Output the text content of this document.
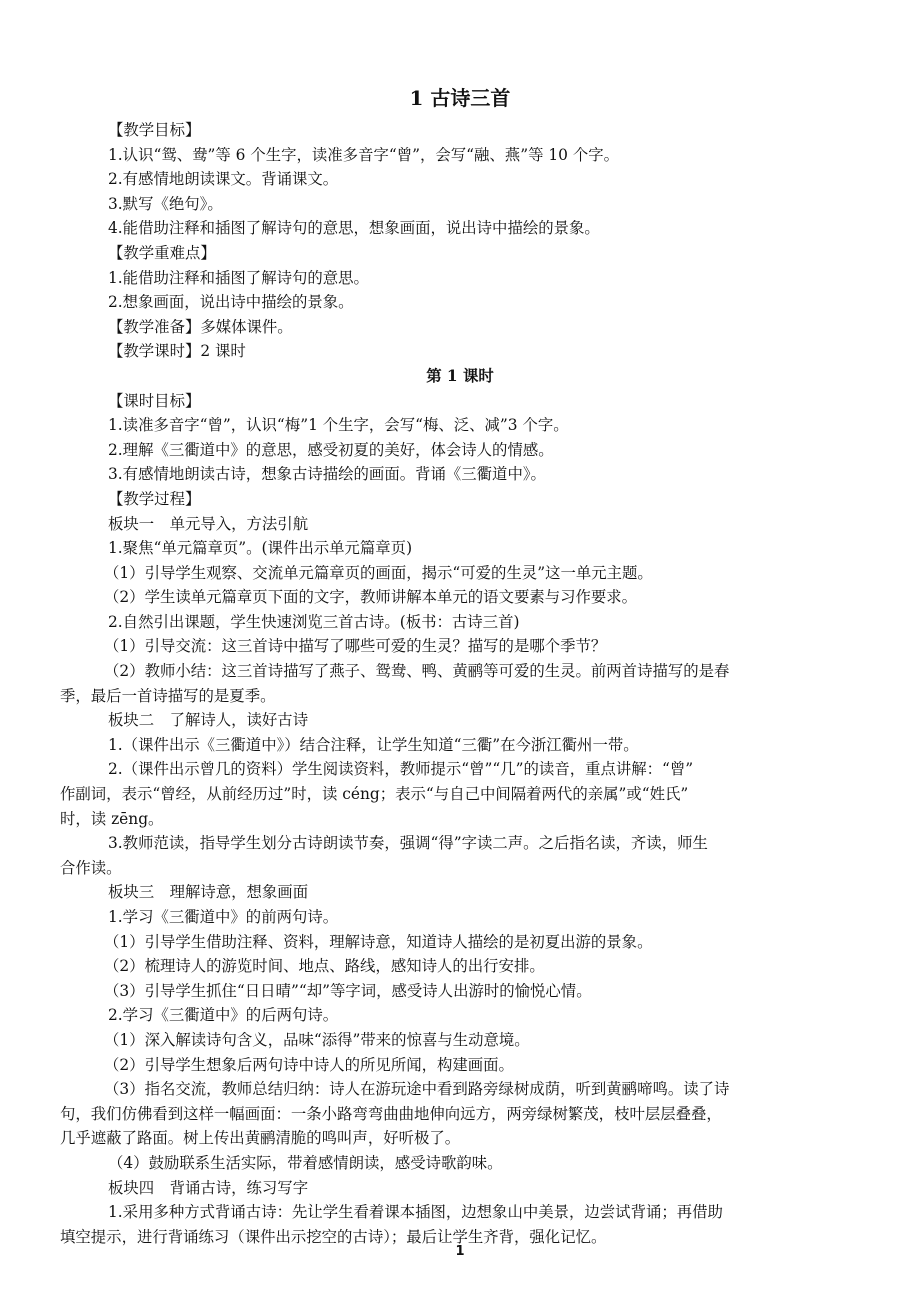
1 古诗三首
【教学目标】
1.认识“鸳、鸯”等 6 个生字，读准多音字“曾”，会写“融、燕”等 10 个字。
2.有感情地朗读课文。背诵课文。
3.默写《绝句》。
4.能借助注释和插图了解诗句的意思，想象画面，说出诗中描绘的景象。
【教学重难点】
1.能借助注释和插图了解诗句的意思。
2.想象画面，说出诗中描绘的景象。
【教学准备】多媒体课件。
【教学课时】2 课时
第 1 课时
【课时目标】
1.读准多音字“曾”，认识“梅”1 个生字，会写“梅、泛、减”3 个字。
2.理解《三衢道中》的意思，感受初夏的美好，体会诗人的情感。
3.有感情地朗读古诗，想象古诗描绘的画面。背诵《三衢道中》。
【教学过程】
板块一　单元导入，方法引航
1.聚焦“单元篇章页”。(课件出示单元篇章页)
（1）引导学生观察、交流单元篇章页的画面，揭示“可爱的生灵”这一单元主题。
（2）学生读单元篇章页下面的文字，教师讲解本单元的语文要素与习作要求。
2.自然引出课题，学生快速浏览三首古诗。(板书：古诗三首)
（1）引导交流：这三首诗中描写了哪些可爱的生灵？描写的是哪个季节？
（2）教师小结：这三首诗描写了燕子、鸳鸯、鸭、黄鹂等可爱的生灵。前两首诗描写的是春
季，最后一首诗描写的是夏季。
板块二　了解诗人，读好古诗
1.（课件出示《三衢道中》）结合注释，让学生知道“三衢”在今浙江衢州一带。
2.（课件出示曾几的资料）学生阅读资料，教师提示“曾”“几”的读音，重点讲解：“曾”
作副词，表示“曾经，从前经历过”时，读 céng；表示“与自己中间隔着两代的亲属”或“姓氏”
时，读 zēng。
3.教师范读，指导学生划分古诗朗读节奏，强调“得”字读二声。之后指名读，齐读，师生
合作读。
板块三　理解诗意，想象画面
1.学习《三衢道中》的前两句诗。
（1）引导学生借助注释、资料，理解诗意，知道诗人描绘的是初夏出游的景象。
（2）梳理诗人的游览时间、地点、路线，感知诗人的出行安排。
（3）引导学生抓住“日日晴”“却”等字词，感受诗人出游时的愉悦心情。
2.学习《三衢道中》的后两句诗。
（1）深入解读诗句含义，品味“添得”带来的惊喜与生动意境。
（2）引导学生想象后两句诗中诗人的所见所闻，构建画面。
（3）指名交流，教师总结归纳：诗人在游玩途中看到路旁绿树成荫，听到黄鹂啼鸣。读了诗
句，我们仿佛看到这样一幅画面：一条小路弯弯曲曲地伸向远方，两旁绿树繁茂，枝叶层层叠叠，
几乎遮蔽了路面。树上传出黄鹂清脆的鸣叫声，好听极了。
（4）鼓励联系生活实际，带着感情朗读，感受诗歌韵味。
板块四　背诵古诗，练习写字
1.采用多种方式背诵古诗：先让学生看着课本插图，边想象山中美景，边尝试背诵；再借助
填空提示，进行背诵练习（课件出示挖空的古诗）；最后让学生齐背，强化记忆。
1
